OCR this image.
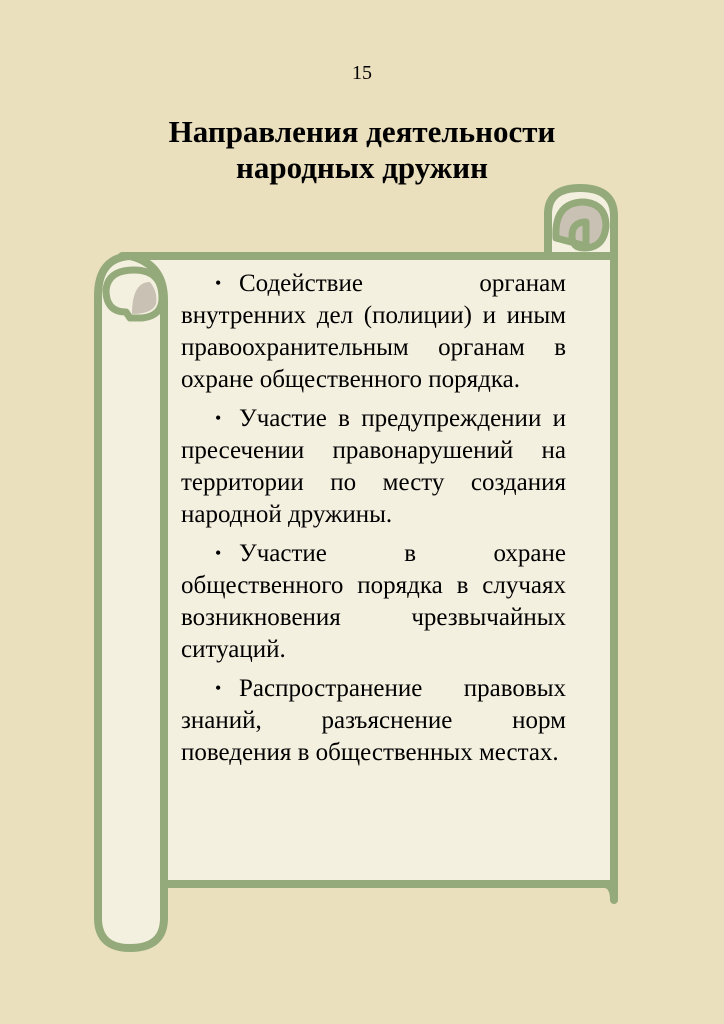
15
Направления деятельности
народных дружин

• Содействие органам внутренних дел (полиции) и иным правоохранительным органам в охране общественного порядка.

• Участие в предупреждении и пресечении правонарушений на территории по месту создания народной дружины.

• Участие в охране общественного порядка в случаях возникновения чрезвычайных ситуаций.

• Распространение правовых знаний, разъяснение норм поведения в общественных местах.
